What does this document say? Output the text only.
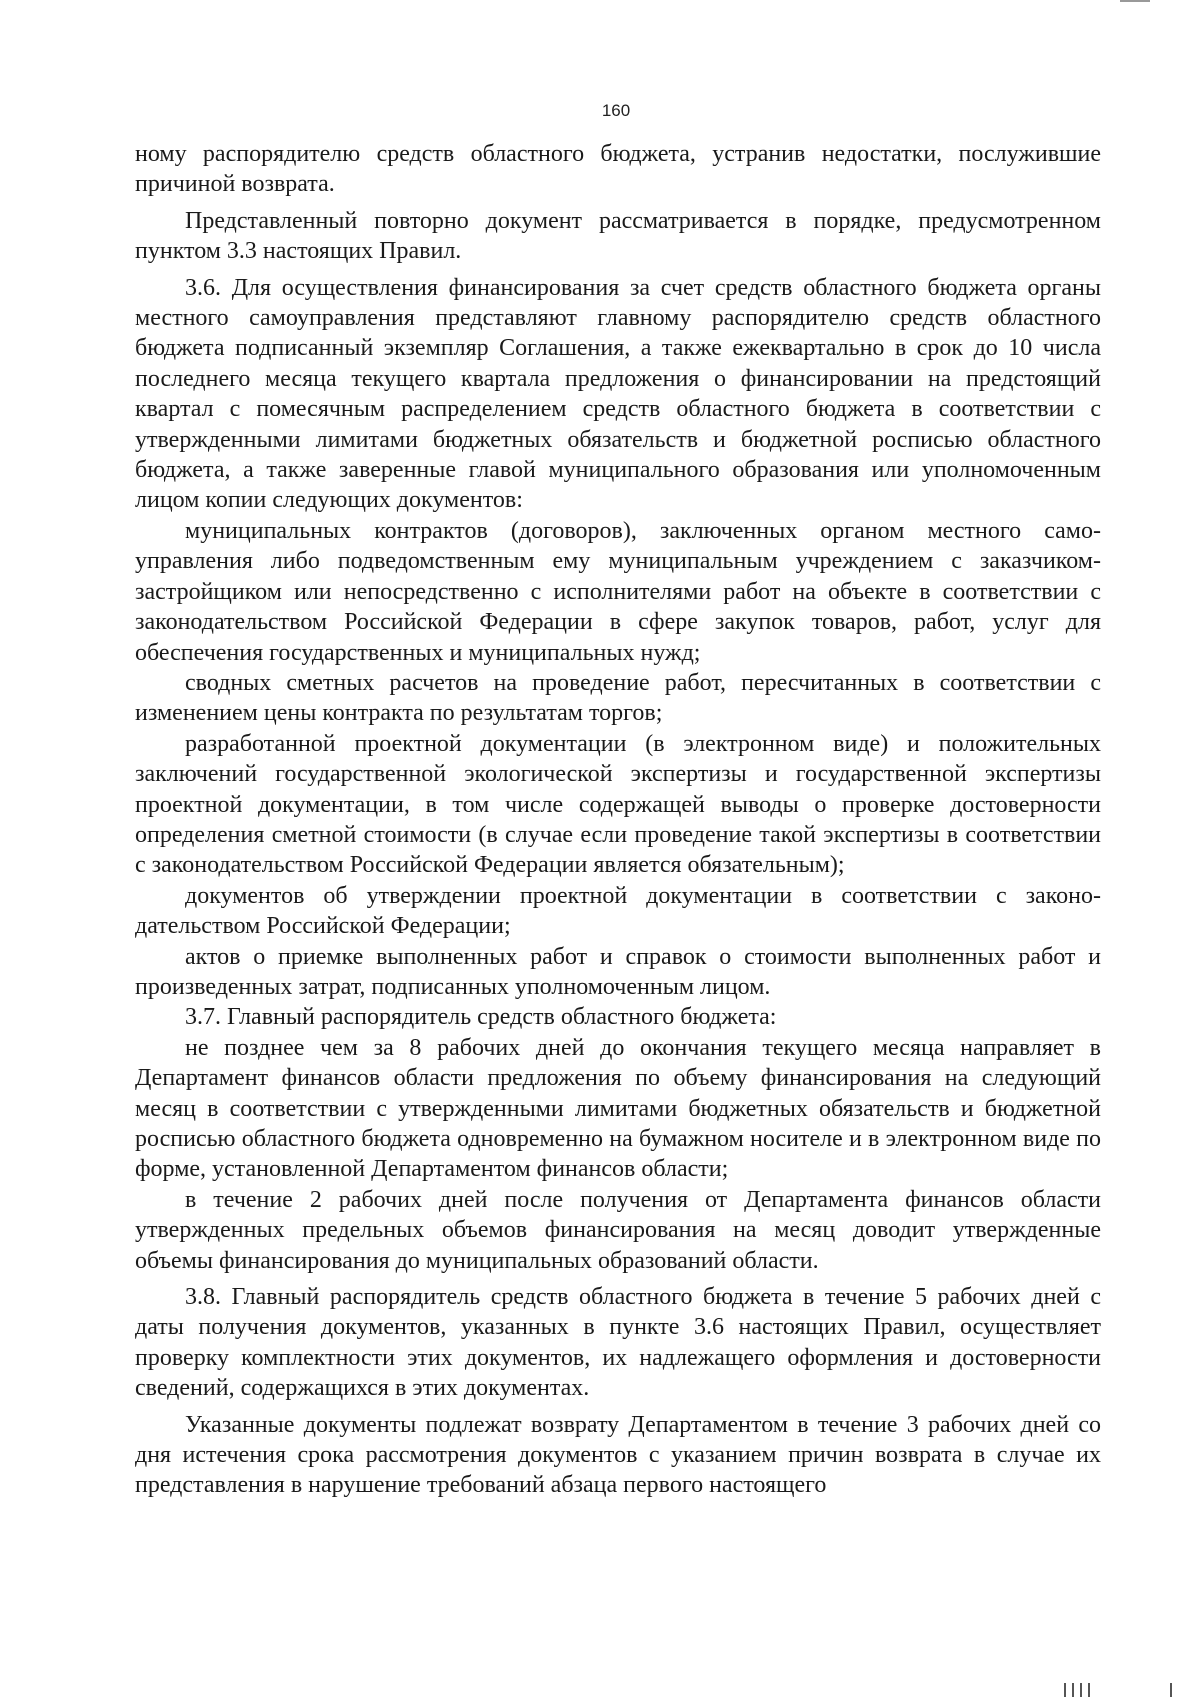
160

ному распорядителю средств областного бюджета, устранив недостатки, послужившие причиной возврата.

Представленный повторно документ рассматривается в порядке, предусмотренном пунктом 3.3 настоящих Правил.

3.6. Для осуществления финансирования за счет средств областного бюджета органы местного самоуправления представляют главному распорядителю средств областного бюджета подписанный экземпляр Соглашения, а также ежеквартально в срок до 10 числа последнего месяца текущего квартала предложения о финансировании на предстоящий квартал с помесячным распределением средств областного бюджета в соответствии с утвержденными лимитами бюджетных обязательств и бюджетной росписью областного бюджета, а также заверенные главой муниципального образования или уполномоченным лицом копии следующих документов:

муниципальных контрактов (договоров), заключенных органом местного самоуправления либо подведомственным ему муниципальным учреждением с заказчиком-застройщиком или непосредственно с исполнителями работ на объекте в соответствии с законодательством Российской Федерации в сфере закупок товаров, работ, услуг для обеспечения государственных и муниципальных нужд;

сводных сметных расчетов на проведение работ, пересчитанных в соответствии с изменением цены контракта по результатам торгов;

разработанной проектной документации (в электронном виде) и положительных заключений государственной экологической экспертизы и государственной экспертизы проектной документации, в том числе содержащей выводы о проверке достоверности определения сметной стоимости (в случае если проведение такой экспертизы в соответствии с законодательством Российской Федерации является обязательным);

документов об утверждении проектной документации в соответствии с законодательством Российской Федерации;

актов о приемке выполненных работ и справок о стоимости выполненных работ и произведенных затрат, подписанных уполномоченным лицом.

3.7. Главный распорядитель средств областного бюджета:

не позднее чем за 8 рабочих дней до окончания текущего месяца направляет в Департамент финансов области предложения по объему финансирования на следующий месяц в соответствии с утвержденными лимитами бюджетных обязательств и бюджетной росписью областного бюджета одновременно на бумажном носителе и в электронном виде по форме, установленной Департаментом финансов области;

в течение 2 рабочих дней после получения от Департамента финансов области утвержденных предельных объемов финансирования на месяц доводит утвержденные объемы финансирования до муниципальных образований области.

3.8. Главный распорядитель средств областного бюджета в течение 5 рабочих дней с даты получения документов, указанных в пункте 3.6 настоящих Правил, осуществляет проверку комплектности этих документов, их надлежащего оформления и достоверности сведений, содержащихся в этих документах.

Указанные документы подлежат возврату Департаментом в течение 3 рабочих дней со дня истечения срока рассмотрения документов с указанием причин возврата в случае их представления в нарушение требований абзаца первого настоящего
